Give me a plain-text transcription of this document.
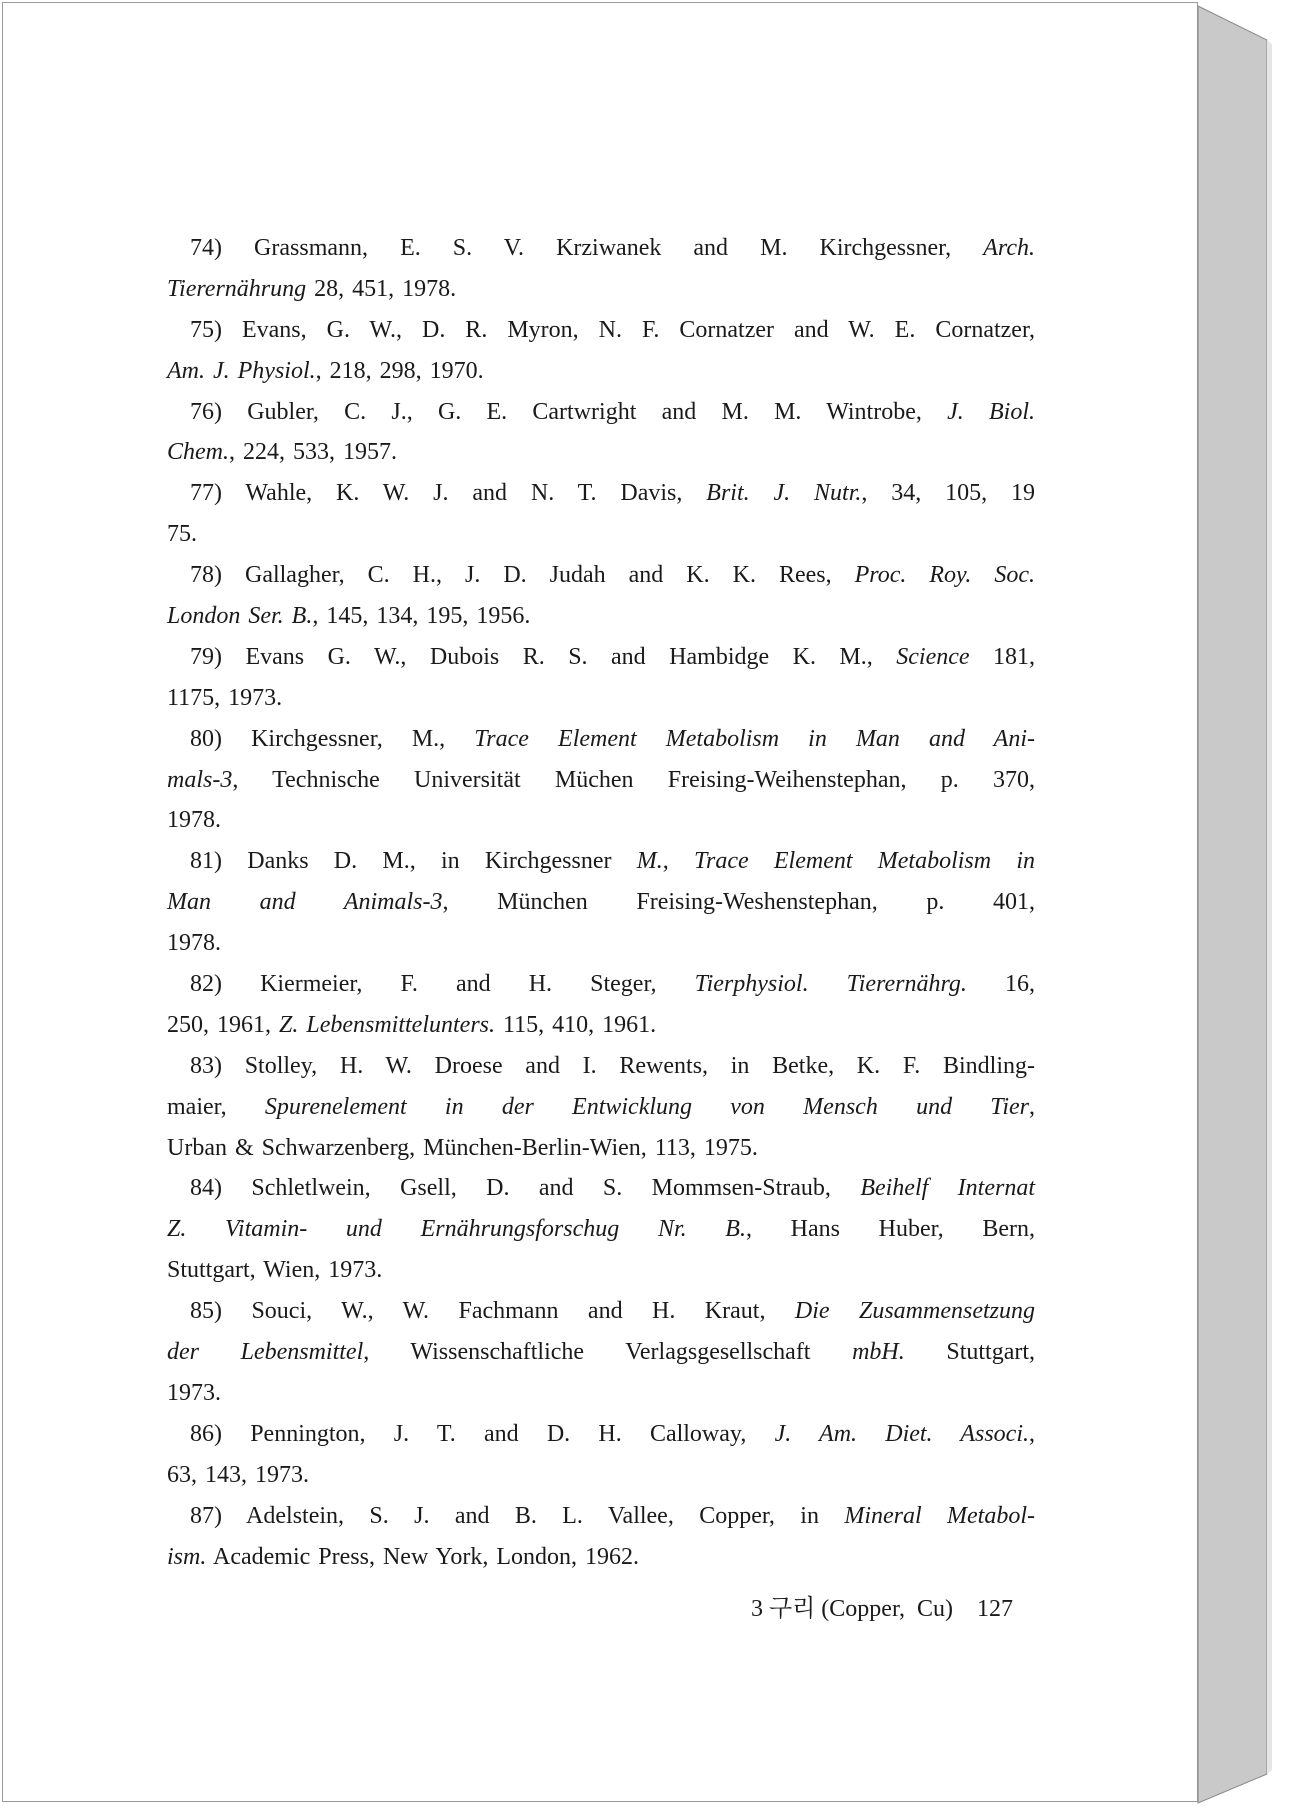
74) Grassmann, E. S. V. Krziwanek and M. Kirchgessner, Arch.
Tierernährung 28, 451, 1978.
75) Evans, G. W., D. R. Myron, N. F. Cornatzer and W. E. Cornatzer,
Am. J. Physiol., 218, 298, 1970.
76) Gubler, C. J., G. E. Cartwright and M. M. Wintrobe, J. Biol.
Chem., 224, 533, 1957.
77) Wahle, K. W. J. and N. T. Davis, Brit. J. Nutr., 34, 105, 19
75.
78) Gallagher, C. H., J. D. Judah and K. K. Rees, Proc. Roy. Soc.
London Ser. B., 145, 134, 195, 1956.
79) Evans G. W., Dubois R. S. and Hambidge K. M., Science 181,
1175, 1973.
80) Kirchgessner, M., Trace Element Metabolism in Man and Ani-
mals-3, Technische Universität Müchen Freising-Weihenstephan, p. 370,
1978.
81) Danks D. M., in Kirchgessner M., Trace Element Metabolism in
Man and Animals-3, München Freising-Weshenstephan, p. 401,
1978.
82) Kiermeier, F. and H. Steger, Tierphysiol. Tierernährg. 16,
250, 1961, Z. Lebensmittelunters. 115, 410, 1961.
83) Stolley, H. W. Droese and I. Rewents, in Betke, K. F. Bindling-
maier, Spurenelement in der Entwicklung von Mensch und Tier,
Urban & Schwarzenberg, München-Berlin-Wien, 113, 1975.
84) Schletlwein, Gsell, D. and S. Mommsen-Straub, Beihelf Internat
Z. Vitamin- und Ernährungsforschug Nr. B., Hans Huber, Bern,
Stuttgart, Wien, 1973.
85) Souci, W., W. Fachmann and H. Kraut, Die Zusammensetzung
der Lebensmittel, Wissenschaftliche Verlagsgesellschaft mbH. Stuttgart,
1973.
86) Pennington, J. T. and D. H. Calloway, J. Am. Diet. Associ.,
63, 143, 1973.
87) Adelstein, S. J. and B. L. Vallee, Copper, in Mineral Metabol-
ism. Academic Press, New York, London, 1962.
3 구리 (Copper,  Cu) 127
